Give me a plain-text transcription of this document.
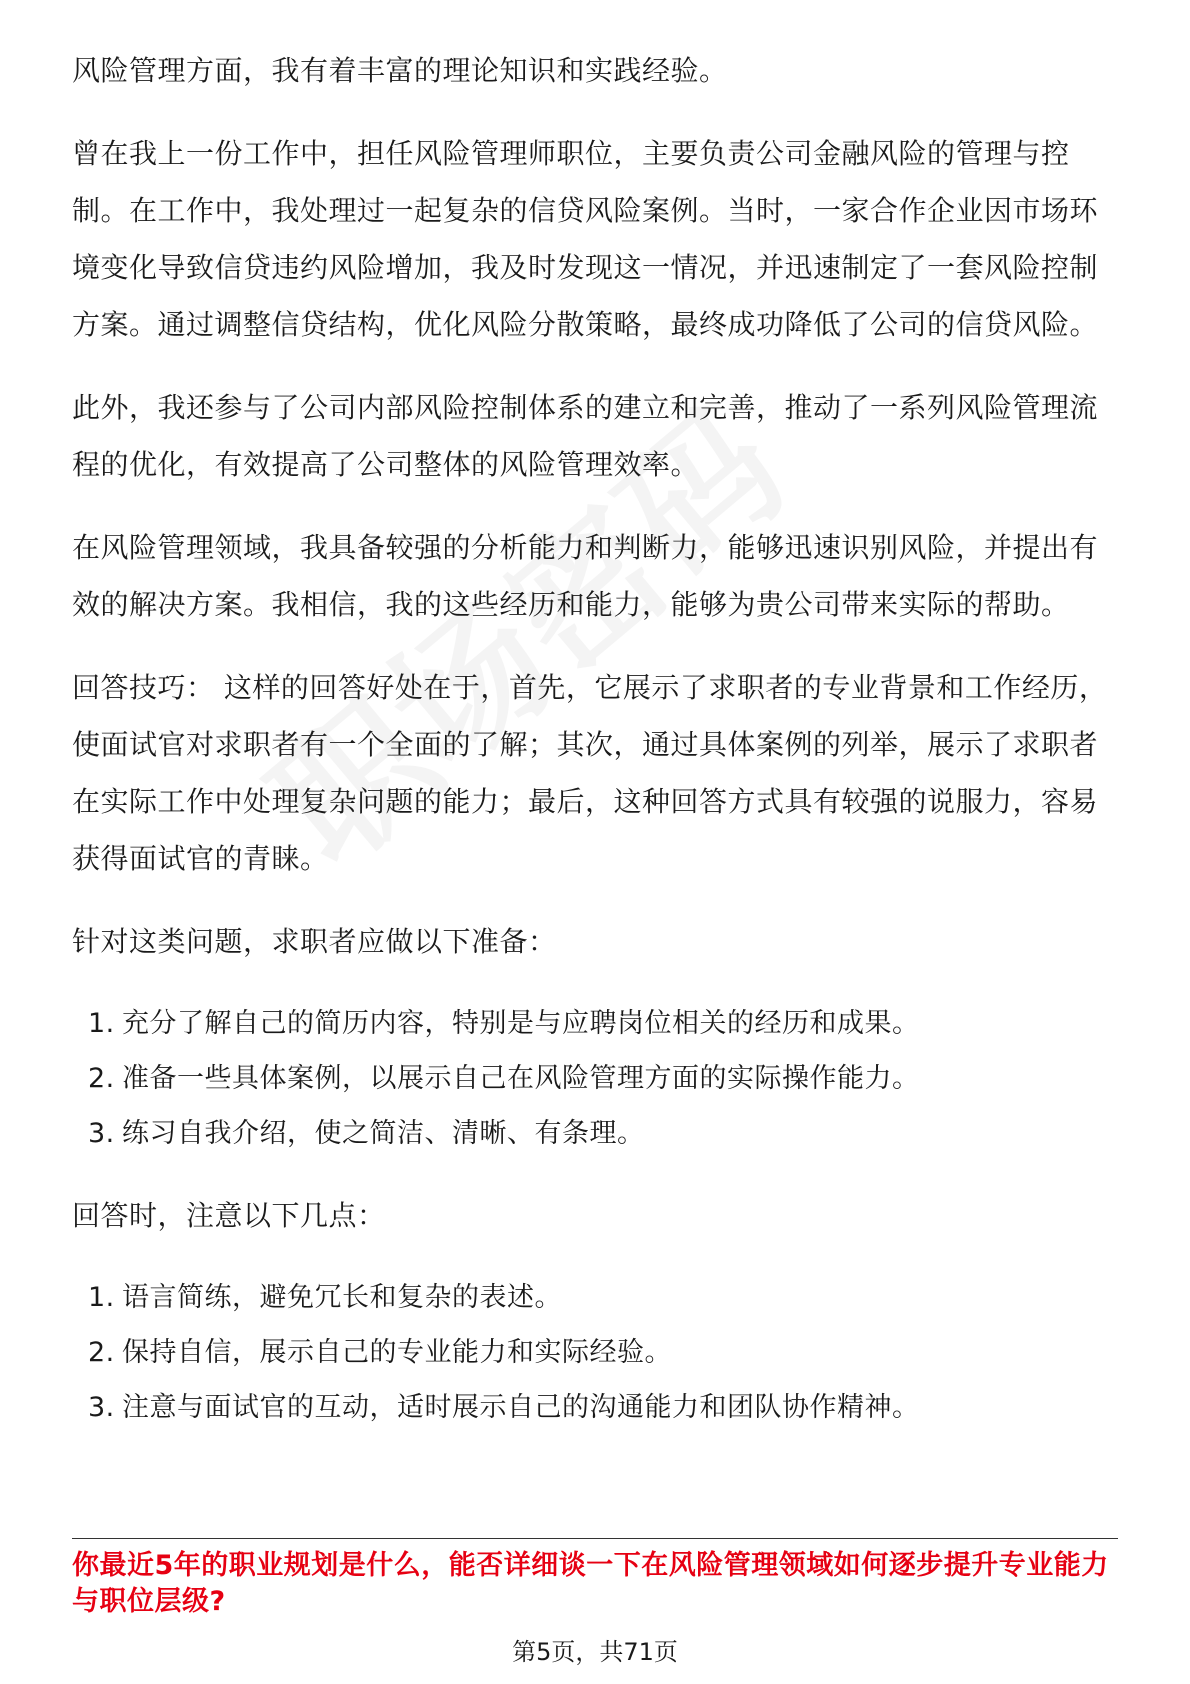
风险管理方面，我有着丰富的理论知识和实践经验。

曾在我上一份工作中，担任风险管理师职位，主要负责公司金融风险的管理与控制。在工作中，我处理过一起复杂的信贷风险案例。当时，一家合作企业因市场环境变化导致信贷违约风险增加，我及时发现这一情况，并迅速制定了一套风险控制方案。通过调整信贷结构，优化风险分散策略，最终成功降低了公司的信贷风险。

此外，我还参与了公司内部风险控制体系的建立和完善，推动了一系列风险管理流程的优化，有效提高了公司整体的风险管理效率。

在风险管理领域，我具备较强的分析能力和判断力，能够迅速识别风险，并提出有效的解决方案。我相信，我的这些经历和能力，能够为贵公司带来实际的帮助。

回答技巧： 这样的回答好处在于，首先，它展示了求职者的专业背景和工作经历，使面试官对求职者有一个全面的了解；其次，通过具体案例的列举，展示了求职者在实际工作中处理复杂问题的能力；最后，这种回答方式具有较强的说服力，容易获得面试官的青睐。

针对这类问题，求职者应做以下准备：

1. 充分了解自己的简历内容，特别是与应聘岗位相关的经历和成果。
2. 准备一些具体案例，以展示自己在风险管理方面的实际操作能力。
3. 练习自我介绍，使之简洁、清晰、有条理。

回答时，注意以下几点：

1. 语言简练，避免冗长和复杂的表述。
2. 保持自信，展示自己的专业能力和实际经验。
3. 注意与面试官的互动，适时展示自己的沟通能力和团队协作精神。
你最近5年的职业规划是什么，能否详细谈一下在风险管理领域如何逐步提升专业能力与职位层级?
第5页，共71页
